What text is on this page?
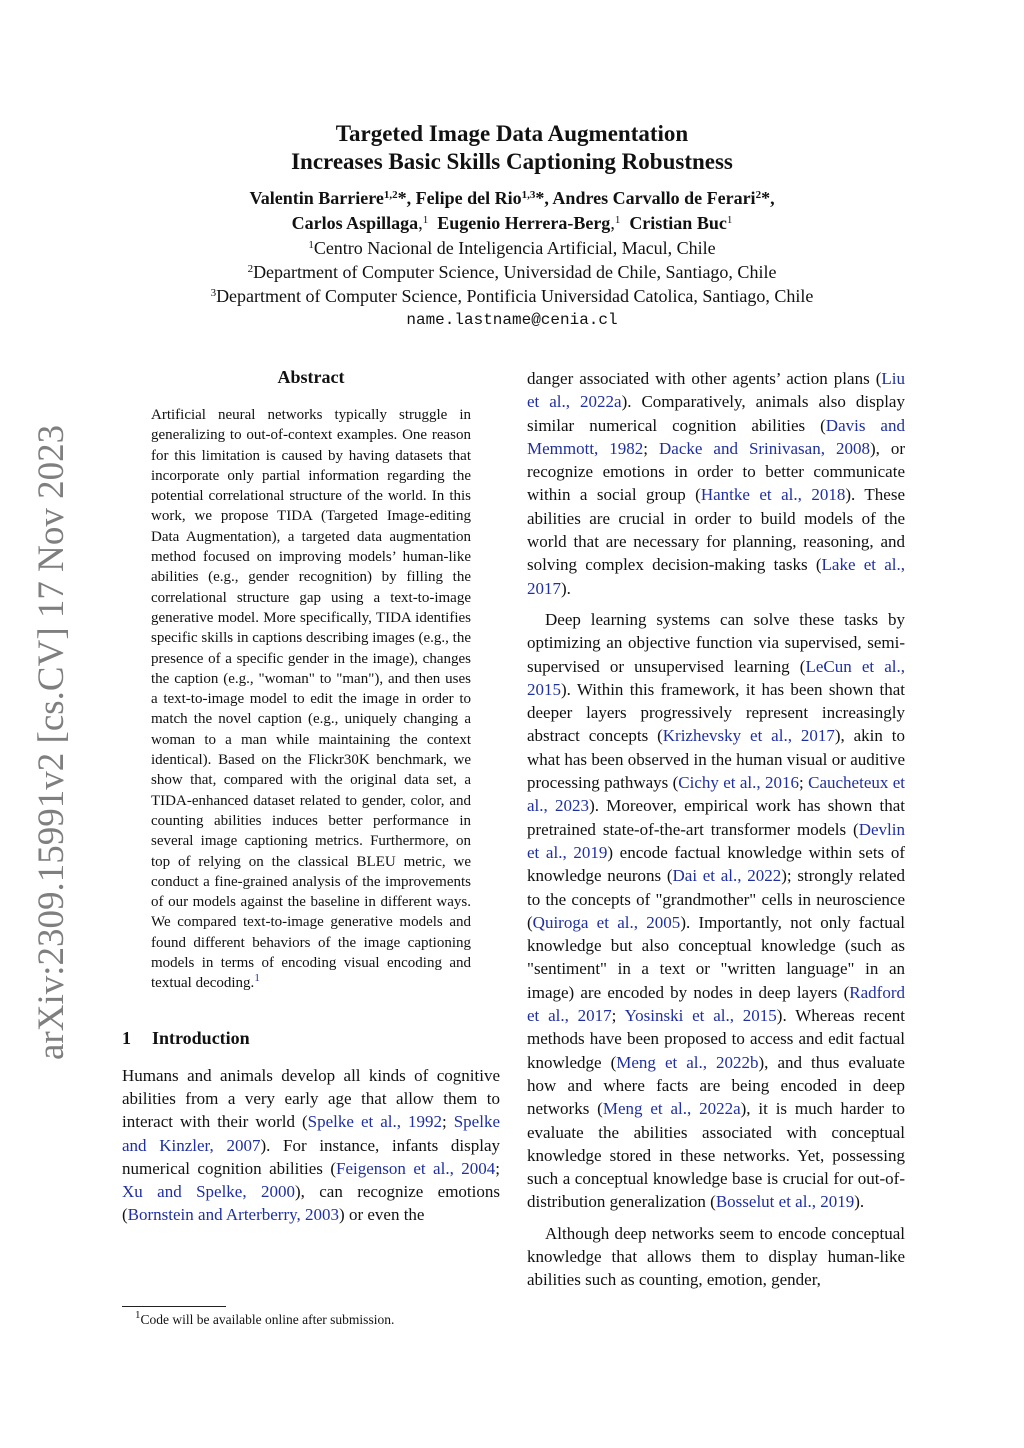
arXiv:2309.15991v2 [cs.CV] 17 Nov 2023
Targeted Image Data Augmentation
Increases Basic Skills Captioning Robustness
Valentin Barriere$^{1,2}$*, Felipe del Rio$^{1,3}$*, Andres Carvallo de Ferari$^2$*,
Carlos Aspillaga,$^1$ Eugenio Herrera-Berg,$^1$ Cristian Buc$^1$
$^1$Centro Nacional de Inteligencia Artificial, Macul, Chile
$^2$Department of Computer Science, Universidad de Chile, Santiago, Chile
$^3$Department of Computer Science, Pontificia Universidad Catolica, Santiago, Chile
name.lastname@cenia.cl
Abstract
Artificial neural networks typically struggle in generalizing to out-of-context examples. One reason for this limitation is caused by having datasets that incorporate only partial information regarding the potential correlational structure of the world. In this work, we propose TIDA (Targeted Image-editing Data Augmentation), a targeted data augmentation method focused on improving models’ human-like abilities (e.g., gender recognition) by filling the correlational structure gap using a text-to-image generative model. More specifically, TIDA identifies specific skills in captions describing images (e.g., the presence of a specific gender in the image), changes the caption (e.g., "woman" to "man"), and then uses a text-to-image model to edit the image in order to match the novel caption (e.g., uniquely changing a woman to a man while maintaining the context identical). Based on the Flickr30K benchmark, we show that, compared with the original data set, a TIDA-enhanced dataset related to gender, color, and counting abilities induces better performance in several image captioning metrics. Furthermore, on top of relying on the classical BLEU metric, we conduct a fine-grained analysis of the improvements of our models against the baseline in different ways. We compared text-to-image generative models and found different behaviors of the image captioning models in terms of encoding visual encoding and textual decoding.$^1$
1 Introduction

Humans and animals develop all kinds of cognitive abilities from a very early age that allow them to interact with their world (Spelke et al., 1992; Spelke and Kinzler, 2007). For instance, infants display numerical cognition abilities (Feigenson et al., 2004; Xu and Spelke, 2000), can recognize emotions (Bornstein and Arterberry, 2003) or even the

$^1$Code will be available online after submission.

danger associated with other agents’ action plans (Liu et al., 2022a). Comparatively, animals also display similar numerical cognition abilities (Davis and Memmott, 1982; Dacke and Srinivasan, 2008), or recognize emotions in order to better communicate within a social group (Hantke et al., 2018). These abilities are crucial in order to build models of the world that are necessary for planning, reasoning, and solving complex decision-making tasks (Lake et al., 2017).

Deep learning systems can solve these tasks by optimizing an objective function via supervised, semi-supervised or unsupervised learning (LeCun et al., 2015). Within this framework, it has been shown that deeper layers progressively represent increasingly abstract concepts (Krizhevsky et al., 2017), akin to what has been observed in the human visual or auditive processing pathways (Cichy et al., 2016; Caucheteux et al., 2023). Moreover, empirical work has shown that pretrained state-of-the-art transformer models (Devlin et al., 2019) encode factual knowledge within sets of knowledge neurons (Dai et al., 2022); strongly related to the concepts of "grandmother" cells in neuroscience (Quiroga et al., 2005). Importantly, not only factual knowledge but also conceptual knowledge (such as "sentiment" in a text or "written language" in an image) are encoded by nodes in deep layers (Radford et al., 2017; Yosinski et al., 2015). Whereas recent methods have been proposed to access and edit factual knowledge (Meng et al., 2022b), and thus evaluate how and where facts are being encoded in deep networks (Meng et al., 2022a), it is much harder to evaluate the abilities associated with conceptual knowledge stored in these networks. Yet, possessing such a conceptual knowledge base is crucial for out-of-distribution generalization (Bosselut et al., 2019).

Although deep networks seem to encode conceptual knowledge that allows them to display human-like abilities such as counting, emotion, gender,
